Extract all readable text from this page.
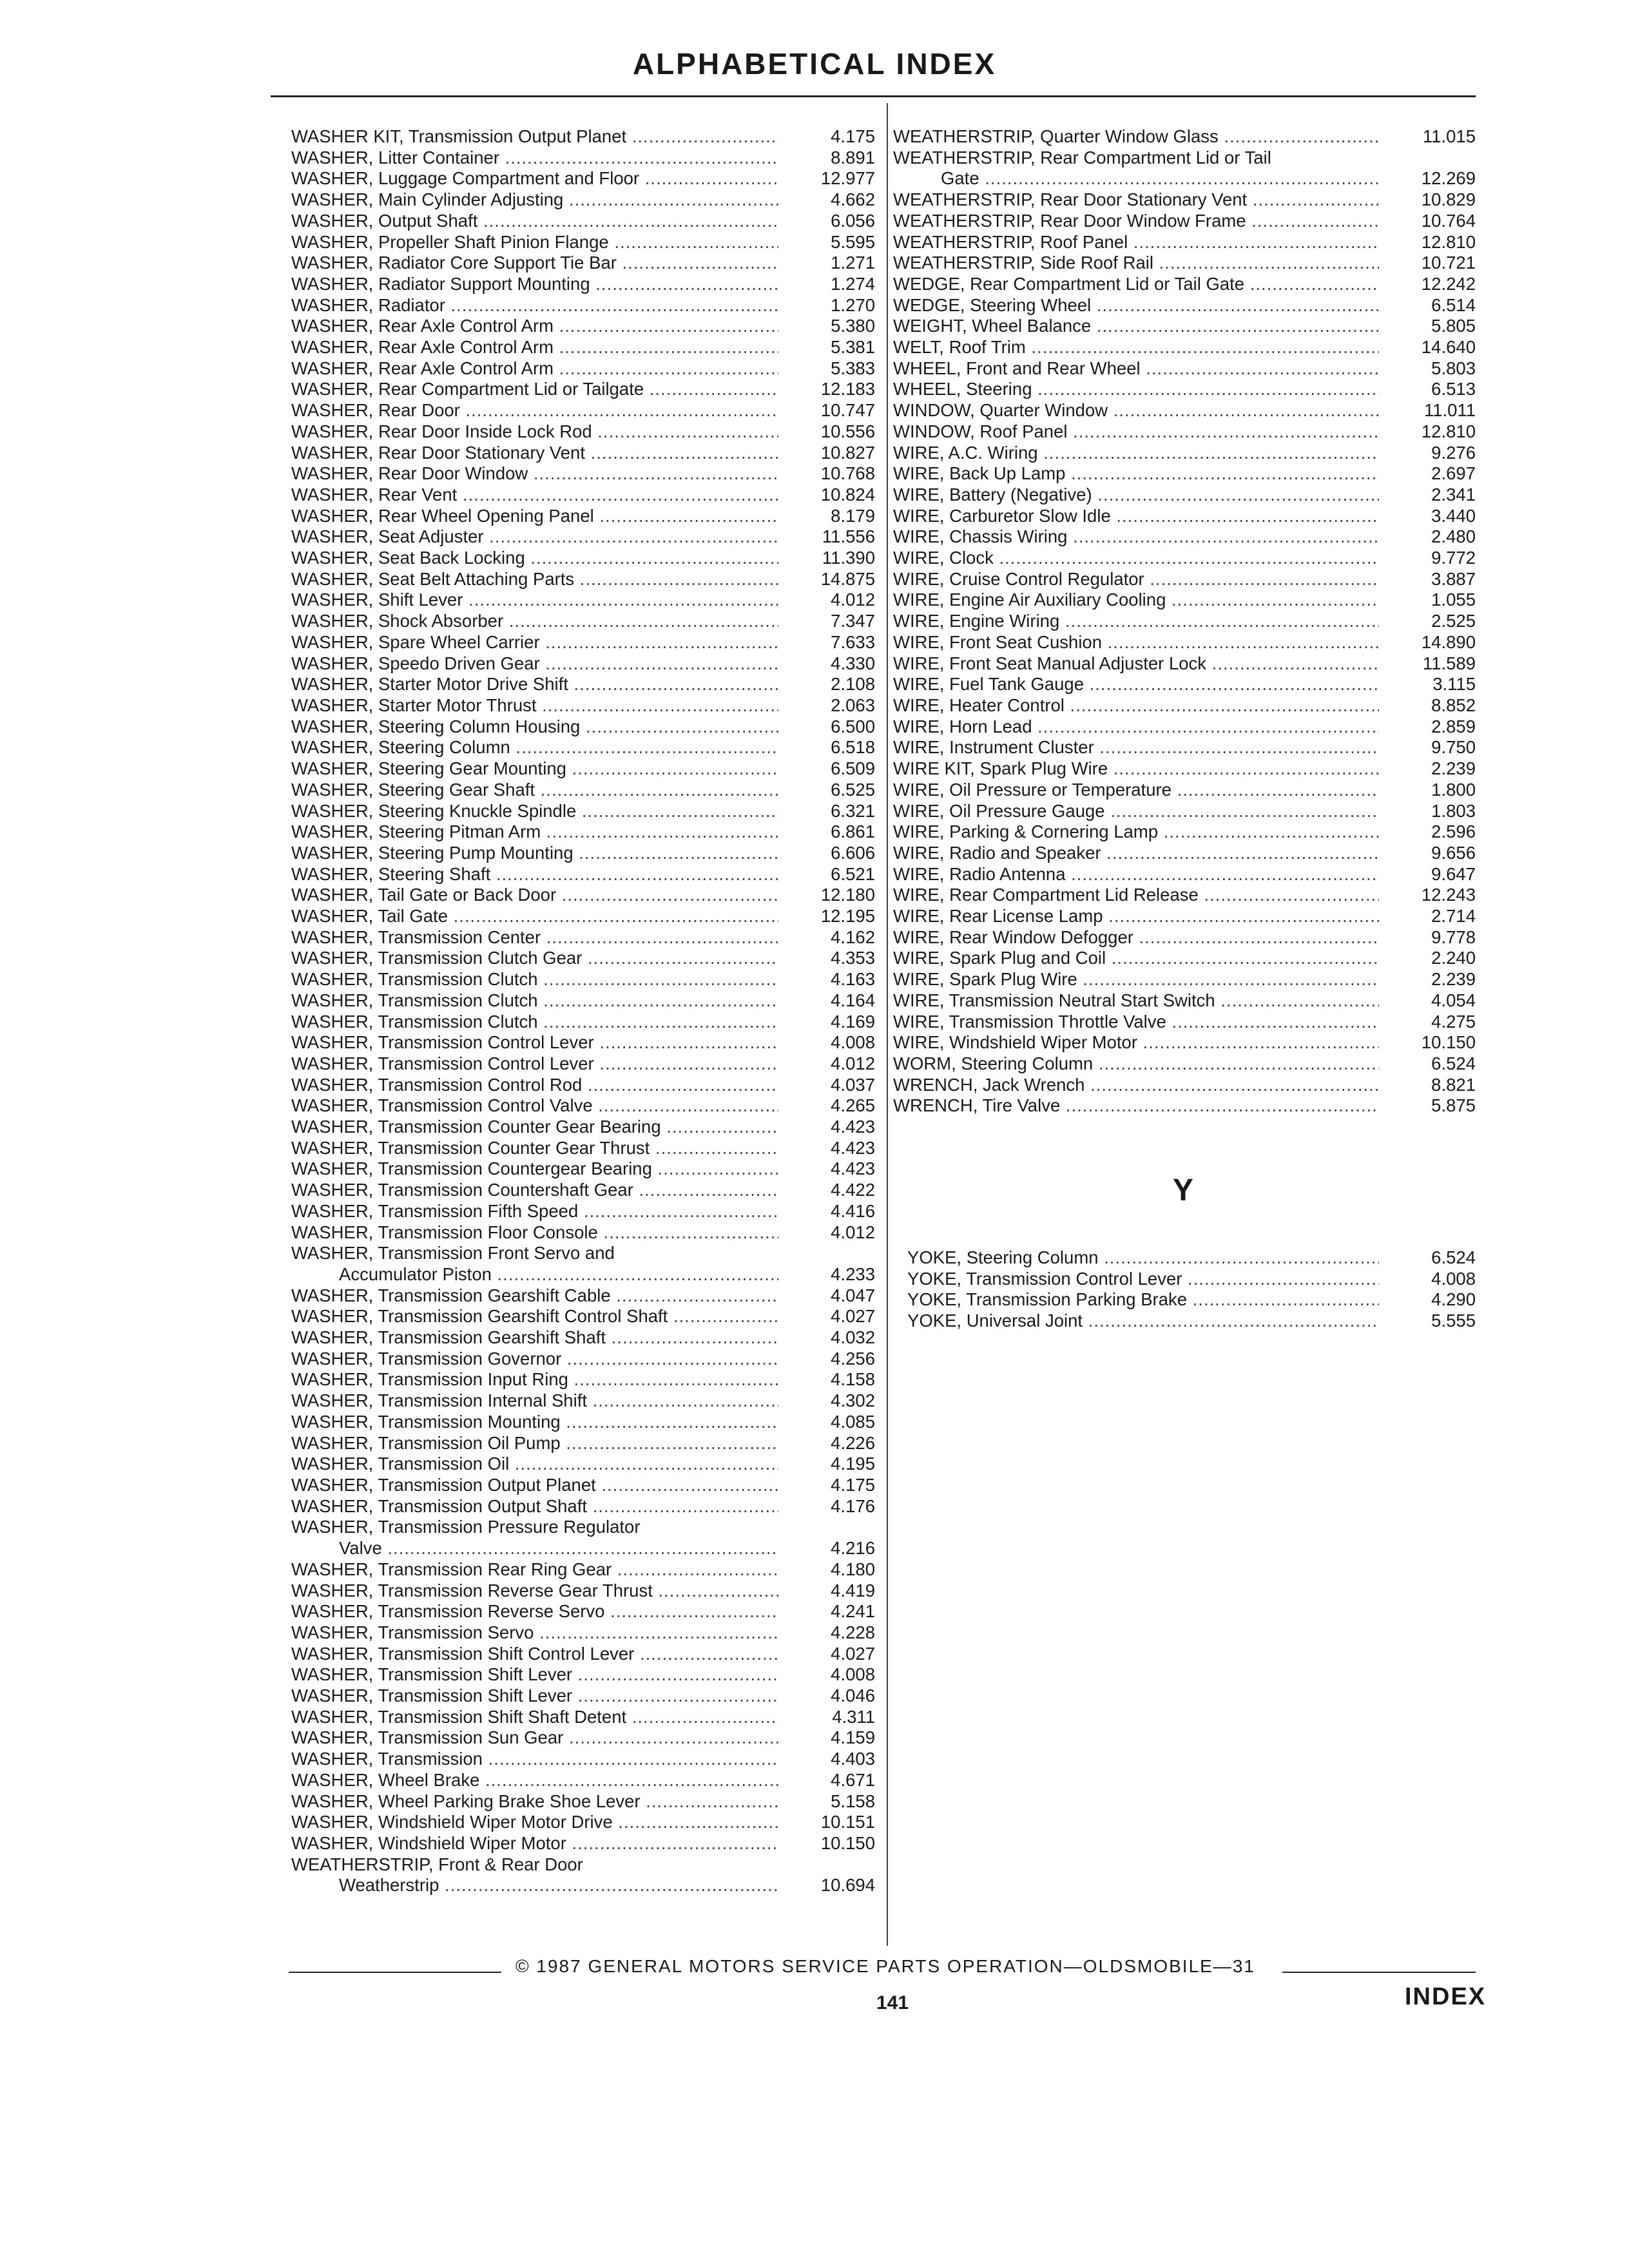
ALPHABETICAL INDEX
WASHER KIT, Transmission Output Planet .....	4.175
WASHER, Litter Container .....	8.891
WASHER, Luggage Compartment and Floor .....	12.977
WASHER, Main Cylinder Adjusting .....	4.662
WASHER, Output Shaft .....	6.056
WASHER, Propeller Shaft Pinion Flange .....	5.595
WASHER, Radiator Core Support Tie Bar .....	1.271
WASHER, Radiator Support Mounting .....	1.274
WASHER, Radiator .....	1.270
WASHER, Rear Axle Control Arm .....	5.380
WASHER, Rear Axle Control Arm .....	5.381
WASHER, Rear Axle Control Arm .....	5.383
WASHER, Rear Compartment Lid or Tailgate .....	12.183
WASHER, Rear Door .....	10.747
WASHER, Rear Door Inside Lock Rod .....	10.556
WASHER, Rear Door Stationary Vent .....	10.827
WASHER, Rear Door Window .....	10.768
WASHER, Rear Vent .....	10.824
WASHER, Rear Wheel Opening Panel .....	8.179
WASHER, Seat Adjuster .....	11.556
WASHER, Seat Back Locking .....	11.390
WASHER, Seat Belt Attaching Parts .....	14.875
WASHER, Shift Lever .....	4.012
WASHER, Shock Absorber .....	7.347
WASHER, Spare Wheel Carrier .....	7.633
WASHER, Speedo Driven Gear .....	4.330
WASHER, Starter Motor Drive Shift .....	2.108
WASHER, Starter Motor Thrust .....	2.063
WASHER, Steering Column Housing .....	6.500
WASHER, Steering Column .....	6.518
WASHER, Steering Gear Mounting .....	6.509
WASHER, Steering Gear Shaft .....	6.525
WASHER, Steering Knuckle Spindle .....	6.321
WASHER, Steering Pitman Arm .....	6.861
WASHER, Steering Pump Mounting .....	6.606
WASHER, Steering Shaft .....	6.521
WASHER, Tail Gate or Back Door .....	12.180
WASHER, Tail Gate .....	12.195
WASHER, Transmission Center .....	4.162
WASHER, Transmission Clutch Gear .....	4.353
WASHER, Transmission Clutch .....	4.163
WASHER, Transmission Clutch .....	4.164
WASHER, Transmission Clutch .....	4.169
WASHER, Transmission Control Lever .....	4.008
WASHER, Transmission Control Lever .....	4.012
WASHER, Transmission Control Rod .....	4.037
WASHER, Transmission Control Valve .....	4.265
WASHER, Transmission Counter Gear Bearing .....	4.423
WASHER, Transmission Counter Gear Thrust .....	4.423
WASHER, Transmission Countergear Bearing .....	4.423
WASHER, Transmission Countershaft Gear .....	4.422
WASHER, Transmission Fifth Speed .....	4.416
WASHER, Transmission Floor Console .....	4.012
WASHER, Transmission Front Servo and
Accumulator Piston .....	4.233
WASHER, Transmission Gearshift Cable .....	4.047
WASHER, Transmission Gearshift Control Shaft .....	4.027
WASHER, Transmission Gearshift Shaft .....	4.032
WASHER, Transmission Governor .....	4.256
WASHER, Transmission Input Ring .....	4.158
WASHER, Transmission Internal Shift .....	4.302
WASHER, Transmission Mounting .....	4.085
WASHER, Transmission Oil Pump .....	4.226
WASHER, Transmission Oil .....	4.195
WASHER, Transmission Output Planet .....	4.175
WASHER, Transmission Output Shaft .....	4.176
WASHER, Transmission Pressure Regulator
Valve .....	4.216
WASHER, Transmission Rear Ring Gear .....	4.180
WASHER, Transmission Reverse Gear Thrust .....	4.419
WASHER, Transmission Reverse Servo .....	4.241
WASHER, Transmission Servo .....	4.228
WASHER, Transmission Shift Control Lever .....	4.027
WASHER, Transmission Shift Lever .....	4.008
WASHER, Transmission Shift Lever .....	4.046
WASHER, Transmission Shift Shaft Detent .....	4.311
WASHER, Transmission Sun Gear .....	4.159
WASHER, Transmission .....	4.403
WASHER, Wheel Brake .....	4.671
WASHER, Wheel Parking Brake Shoe Lever .....	5.158
WASHER, Windshield Wiper Motor Drive .....	10.151
WASHER, Windshield Wiper Motor .....	10.150
WEATHERSTRIP, Front & Rear Door
Weatherstrip .....	10.694
WEATHERSTRIP, Quarter Window Glass .....	11.015
WEATHERSTRIP, Rear Compartment Lid or Tail
Gate .....	12.269
WEATHERSTRIP, Rear Door Stationary Vent .....	10.829
WEATHERSTRIP, Rear Door Window Frame .....	10.764
WEATHERSTRIP, Roof Panel .....	12.810
WEATHERSTRIP, Side Roof Rail .....	10.721
WEDGE, Rear Compartment Lid or Tail Gate .....	12.242
WEDGE, Steering Wheel .....	6.514
WEIGHT, Wheel Balance .....	5.805
WELT, Roof Trim .....	14.640
WHEEL, Front and Rear Wheel .....	5.803
WHEEL, Steering .....	6.513
WINDOW, Quarter Window .....	11.011
WINDOW, Roof Panel .....	12.810
WIRE, A.C. Wiring .....	9.276
WIRE, Back Up Lamp .....	2.697
WIRE, Battery (Negative) .....	2.341
WIRE, Carburetor Slow Idle .....	3.440
WIRE, Chassis Wiring .....	2.480
WIRE, Clock .....	9.772
WIRE, Cruise Control Regulator .....	3.887
WIRE, Engine Air Auxiliary Cooling .....	1.055
WIRE, Engine Wiring .....	2.525
WIRE, Front Seat Cushion .....	14.890
WIRE, Front Seat Manual Adjuster Lock .....	11.589
WIRE, Fuel Tank Gauge .....	3.115
WIRE, Heater Control .....	8.852
WIRE, Horn Lead .....	2.859
WIRE, Instrument Cluster .....	9.750
WIRE KIT, Spark Plug Wire .....	2.239
WIRE, Oil Pressure or Temperature .....	1.800
WIRE, Oil Pressure Gauge .....	1.803
WIRE, Parking & Cornering Lamp .....	2.596
WIRE, Radio and Speaker .....	9.656
WIRE, Radio Antenna .....	9.647
WIRE, Rear Compartment Lid Release .....	12.243
WIRE, Rear License Lamp .....	2.714
WIRE, Rear Window Defogger .....	9.778
WIRE, Spark Plug and Coil .....	2.240
WIRE, Spark Plug Wire .....	2.239
WIRE, Transmission Neutral Start Switch .....	4.054
WIRE, Transmission Throttle Valve .....	4.275
WIRE, Windshield Wiper Motor .....	10.150
WORM, Steering Column .....	6.524
WRENCH, Jack Wrench .....	8.821
WRENCH, Tire Valve .....	5.875
Y
YOKE, Steering Column .....	6.524
YOKE, Transmission Control Lever .....	4.008
YOKE, Transmission Parking Brake .....	4.290
YOKE, Universal Joint .....	5.555
© 1987 GENERAL MOTORS SERVICE PARTS OPERATION—OLDSMOBILE—31
141	INDEX
